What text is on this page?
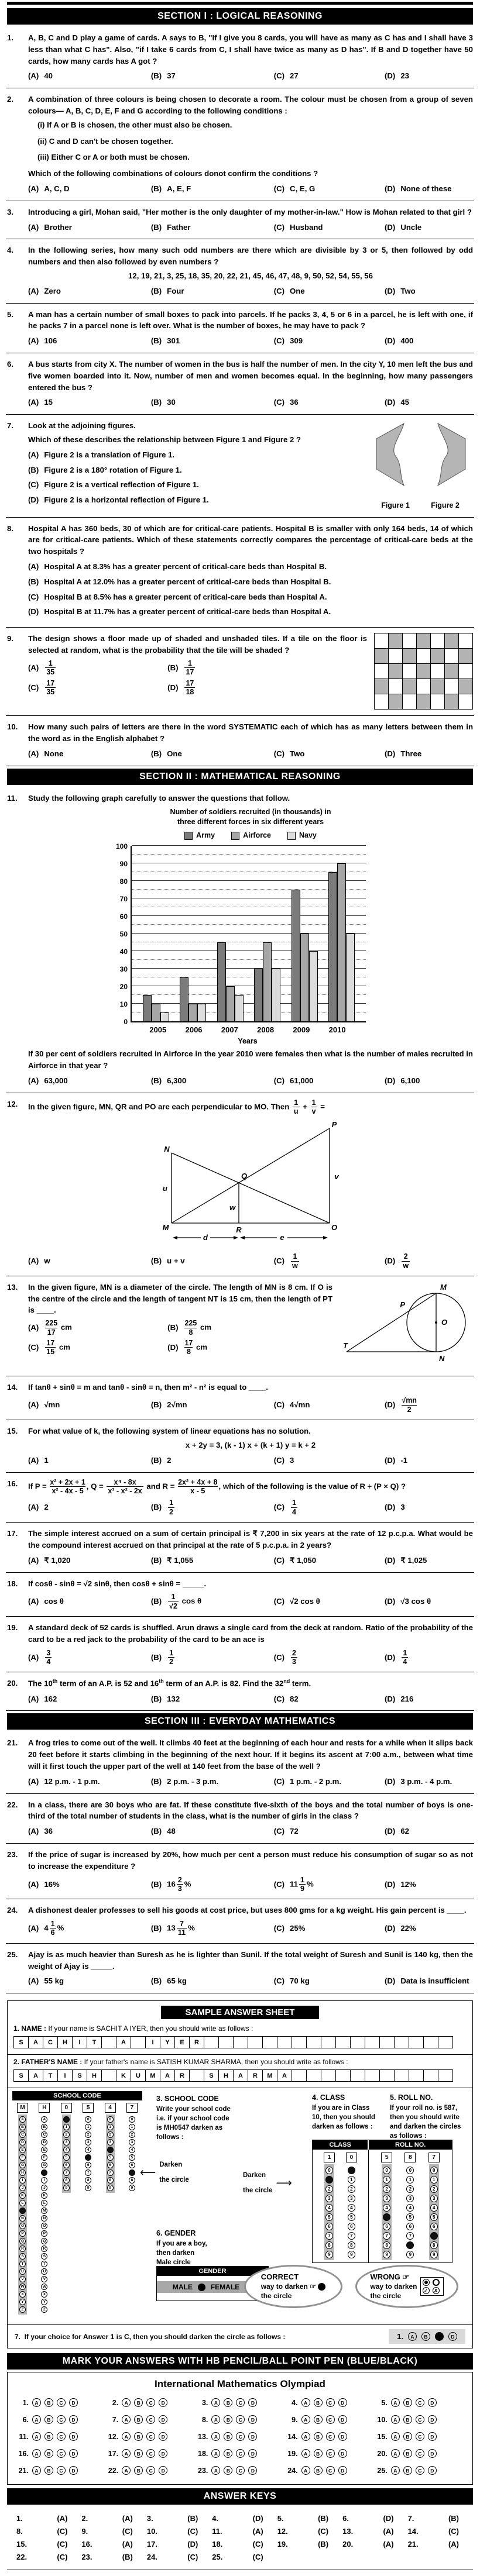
SECTION I : LOGICAL REASONING
1.	A, B, C and D play a game of cards. A says to B, "If I give you 8 cards, you will have as many as C has and I shall have 3 less than what C has". Also, "if I take 6 cards from C, I shall have twice as many as D has". If B and D together have 50 cards, how many cards has A got ?

(A) 40	(B) 37	(C) 27	(D) 23
2.	A combination of three colours is being chosen to decorate a room. The colour must be chosen from a group of seven colours— A, B, C, D, E, F and G according to the following conditions :

(i) If A or B is chosen, the other must also be chosen.

(ii) C and D can't be chosen together.

(iii) Either C or A or both must be chosen.

Which of the following combinations of colours donot confirm the conditions ?

(A) A, C, D	(B) A, E, F	(C) C, E, G	(D) None of these
3.	Introducing a girl, Mohan said, "Her mother is the only daughter of my mother-in-law." How is Mohan related to that girl ?

(A) Brother	(B) Father	(C) Husband	(D) Uncle
4.	In the following series, how many such odd numbers are there which are divisible by 3 or 5, then followed by odd numbers and then also followed by even numbers ?

12, 19, 21, 3, 25, 18, 35, 20, 22, 21, 45, 46, 47, 48, 9, 50, 52, 54, 55, 56

(A) Zero	(B) Four	(C) One	(D) Two
5.	A man has a certain number of small boxes to pack into parcels. If he packs 3, 4, 5 or 6 in a parcel, he is left with one, if he packs 7 in a parcel none is left over. What is the number of boxes, he may have to pack ?

(A) 106	(B) 301	(C) 309	(D) 400
6.	A bus starts from city X. The number of women in the bus is half the number of men. In the city Y, 10 men left the bus and five women boarded into it. Now, number of men and women becomes equal. In the beginning, how many passengers entered the bus ?

(A) 15	(B) 30	(C) 36	(D) 45
7.	Look at the adjoining figures.

Which of these describes the relationship between Figure 1 and Figure 2 ?

(A) Figure 2 is a translation of Figure 1.
(B) Figure 2 is a 180° rotation of Figure 1.
(C) Figure 2 is a vertical reflection of Figure 1.
(D) Figure 2 is a horizontal reflection of Figure 1.
Figure 1	Figure 2
8.	Hospital A has 360 beds, 30 of which are for critical-care patients. Hospital B is smaller with only 164 beds, 14 of which are for critical-care patients. Which of these statements correctly compares the percentage of critical-care beds at the two hospitals ?

(A) Hospital A at 8.3% has a greater percent of critical-care beds than Hospital B.
(B) Hospital A at 12.0% has a greater percent of critical-care beds than Hospital B.
(C) Hospital B at 8.5% has a greater percent of critical-care beds than Hospital A.
(D) Hospital B at 11.7% has a greater percent of critical-care beds than Hospital A.
9.	The design shows a floor made up of shaded and unshaded tiles. If a tile on the floor is selected at random, what is the probability that the tile will be shaded ?

$(A) \frac{1}{35}$	$(B) \frac{1}{17}$
$(C) \frac{17}{35}$	$(D) \frac{17}{18}$
10.	How many such pairs of letters are there in the word SYSTEMATIC each of which has as many letters between them in the word as in the English alphabet ?

(A) None	(B) One	(C) Two	(D) Three
SECTION II : MATHEMATICAL REASONING
11.	Study the following graph carefully to answer the questions that follow.

Number of soldiers recruited (in thousands) in three different forces in six different years
Army	Airforce	Navy
0
10
20
30
40
50
60
70
80
90
100
2005 2006 2007 2008 2009 2010
Years

If 30 per cent of soldiers recruited in Airforce in the year 2010 were females then what is the number of males recruited in Airforce in that year ?

(A) 63,000	(B) 6,300	(C) 61,000	(D) 6,100
12.	In the given figure, MN, QR and PO are each perpendicular to MO. Then $\frac{1}{u} + \frac{1}{v}$ =

N
P
Q
M	R	O
u
v
w
d	e
(A) w	(B) u + v	$(C) \frac{1}{w}$	$(D) \frac{2}{w}$
13.	In the given figure, MN is a diameter of the circle. The length of MN is 8 cm. If O is the centre of the circle and the length of tangent NT is 15 cm, then the length of PT is ____.

$(A) \frac{225}{17}$ cm	$(B) \frac{225}{8}$ cm
$(C) \frac{17}{15}$ cm	$(D) \frac{17}{8}$ cm
M
P
O
T
N
14.	If tanθ + sinθ = m and tanθ - sinθ = n, then m² - n² is equal to ____.

(A) √mn	(B) 2√mn	(C) 4√mn	$(D) \frac{√mn}{2}$
15.	For what value of k, the following system of linear equations has no solution.

x + 2y = 3, (k - 1) x + (k + 1) y = k + 2

(A) 1	(B) 2	(C) 3	(D) -1
16.	If $P = \frac{\text{x² + 2x + 1}}{\text{x² - 4x - 5}}$ , $Q = \frac{\text{x⁴ - 8x}}{\text{x³ - x² - 2x}}$ and $R = \frac{\text{2x² + 4x + 8}}{x - 5}$ , which of the following is the value of R ÷ (P × Q) ?

(A) 2	$(B) \frac{1}{2}$	$(C) \frac{1}{4}$	(D) 3
17.	The simple interest accrued on a sum of certain principal is ₹ 7,200 in six years at the rate of 12 p.c.p.a. What would be the compound interest accrued on that principal at the rate of 5 p.c.p.a. in 2 years?

(A) ₹ 1,020	(B) ₹ 1,055	(C) ₹ 1,050	(D) ₹ 1,025
18.	If cosθ - sinθ = √2 sinθ, then cosθ + sinθ = _____.

(A) cos θ	$(B) \frac{1}{√2}$ cos θ	(C) √2 cos θ	(D) √3 cos θ
19.	A standard deck of 52 cards is shuffled. Arun draws a single card from the deck at random. Ratio of the probability of the card to be a red jack to the probability of the card to be an ace is

$(A) \frac{3}{4}$	$(B) \frac{1}{2}$	$(C) \frac{2}{3}$	$(D) \frac{1}{4}$
20.	The 10th term of an A.P. is 52 and 16th term of an A.P. is 82. Find the 32nd term.

(A) 162	(B) 132	(C) 82	(D) 216
SECTION III : EVERYDAY MATHEMATICS
21.	A frog tries to come out of the well. It climbs 40 feet at the beginning of each hour and rests for a while when it slips back 20 feet before it starts climbing in the beginning of the next hour. If it begins its ascent at 7:00 a.m., between what time will it first touch the upper part of the well at 140 feet from the base of the well ?

(A) 12 p.m. - 1 p.m.	(B) 2 p.m. - 3 p.m.	(C) 1 p.m. - 2 p.m.	(D) 3 p.m. - 4 p.m.
22.	In a class, there are 30 boys who are fat. If these constitute five-sixth of the boys and the total number of boys is one-third of the total number of students in the class, what is the number of girls in the class ?

(A) 36	(B) 48	(C) 72	(D) 62
23.	If the price of sugar is increased by 20%, how much per cent a person must reduce his consumption of sugar so as not to increase the expenditure ?

(A) 16%	(B) $16 \frac{2}{3}$ %	(C) $11 \frac{1}{9}$ %	(D) 12%
24.	A dishonest dealer professes to sell his goods at cost price, but uses 800 gms for a kg weight. His gain percent is ____.

(A) $4 \frac{1}{6}$ %	(B) $13 \frac{7}{11}$ %	(C) 25%	(D) 22%
25.	Ajay is as much heavier than Suresh as he is lighter than Sunil. If the total weight of Suresh and Sunil is 140 kg, then the weight of Ajay is _____.

(A) 55 kg	(B) 65 kg	(C) 70 kg	(D) Data is insufficient
SAMPLE ANSWER SHEET

1. NAME : If your name is SACHIT A IYER, then you should write as follows :

S	A	C	H	I	T	A	I	Y	E	R

2. FATHER'S NAME : If your father's name is SATISH KUMAR SHARMA, then you should write as follows :

S	A	T	I	S	H	K	U	M	A	R	S	H	A	R	M	A
SCHOOL CODE
M
A
B
C
D
E
F
G
H
I
J
K
L
N
O
P
Q
R
S
T
U
V
W
X
Y
Z
H
A
B
C
D
E
F
G
I
J
K
L
M
N
O
P
Q
R
S
T
U
V
W
X
Y
Z
0
1
2
3
4
5
6
7
8
9
5
0
1
2
3
4
6
7
8
9
4
0
1
2
3
5
6
7
8
9
7
0
1
2
3
4
5
6
8
9

3. SCHOOL CODE

Write your school code

i.e. if your school code

is MH0547 darken as

follows :

⟵

Darken

the circle

4. CLASS

If you are in Class

10, then you should

darken as follows :

5. ROLL NO.

If your roll no. is 587,

then you should write

and darken the circles

as follows :

Darken

the circle

⟶
CLASS	ROLL NO.
1
0
2
3
4
5
6
7
8
9
0
1
2
3
4
5
6
7
8
9
5
0
1
2
3
4
6
7
8
9
8
0
1
2
3
4
5
6
7
9
7
0
1
2
3
4
5
6
8
9

6. GENDER

If you are a boy,

then darken

Male circle

GENDER
MALE	FEMALE

CORRECT

way to darken ☞

the circle

WRONG ☞

way to darken

the circle

✓	✗

7. If your choice for Answer 1 is C, then you should darken the circle as follows :	1.	A	B	D
MARK YOUR ANSWERS WITH HB PENCIL/BALL POINT PEN (BLUE/BLACK)

International Mathematics Olympiad

1.	A	B	C	D	2.	A	B	C	D	3.	A	B	C	D	4.	A	B	C	D	5.	A	B	C	D
6.	A	B	C	D	7.	A	B	C	D	8.	A	B	C	D	9.	A	B	C	D	10.	A	B	C	D
11.	A	B	C	D	12.	A	B	C	D	13.	A	B	C	D	14.	A	B	C	D	15.	A	B	C	D
16.	A	B	C	D	17.	A	B	C	D	18.	A	B	C	D	19.	A	B	C	D	20.	A	B	C	D
21.	A	B	C	D	22.	A	B	C	D	23.	A	B	C	D	24.	A	B	C	D	25.	A	B	C	D
ANSWER KEYS
1.	(A) 2.	(A) 3.	(B) 4.	(D) 5.	(B) 6.	(D) 7.	(B)
8.	(C) 9.	(C) 10.	(C) 11.	(A) 12.	(C) 13.	(A) 14.	(C)
15.	(C) 16.	(A) 17.	(D) 18.	(C) 19.	(B) 20.	(A) 21.	(A)
22.	(C) 23.	(B) 24.	(C) 25.	(C)
